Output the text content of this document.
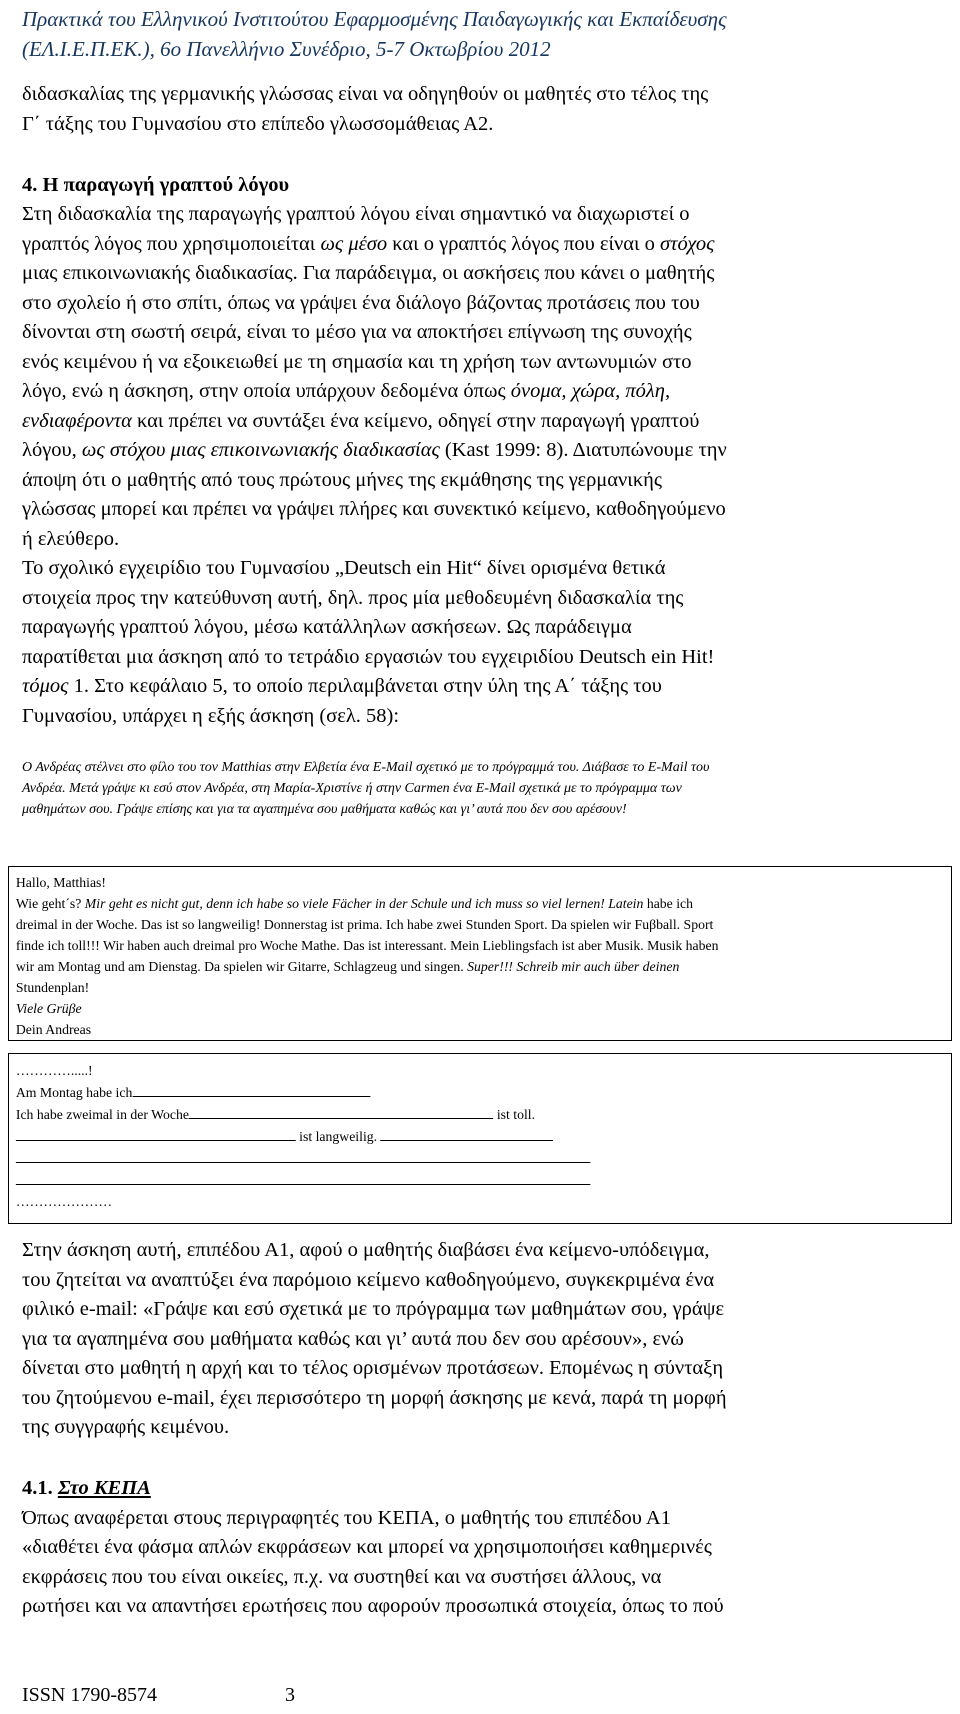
Πρακτικά του Ελληνικού Ινστιτούτου Εφαρμοσμένης Παιδαγωγικής και Εκπαίδευσης
(ΕΛ.Ι.Ε.Π.ΕΚ.), 6ο Πανελλήνιο Συνέδριο, 5-7 Οκτωβρίου 2012
διδασκαλίας της γερμανικής γλώσσας είναι να οδηγηθούν οι μαθητές στο τέλος της
Γ΄ τάξης του Γυμνασίου στο επίπεδο γλωσσομάθειας Α2.
4. Η παραγωγή γραπτού λόγου
Στη διδασκαλία της παραγωγής γραπτού λόγου είναι σημαντικό να διαχωριστεί ο
γραπτός λόγος που χρησιμοποιείται ως μέσο και ο γραπτός λόγος που είναι ο στόχος
μιας επικοινωνιακής διαδικασίας. Για παράδειγμα, οι ασκήσεις που κάνει ο μαθητής
στο σχολείο ή στο σπίτι, όπως να γράψει ένα διάλογο βάζοντας προτάσεις που του
δίνονται στη σωστή σειρά, είναι το μέσο για να αποκτήσει επίγνωση της συνοχής
ενός κειμένου ή να εξοικειωθεί με τη σημασία και τη χρήση των αντωνυμιών στο
λόγο, ενώ η άσκηση, στην οποία υπάρχουν δεδομένα όπως όνομα, χώρα, πόλη,
ενδιαφέροντα και πρέπει να συντάξει ένα κείμενο, οδηγεί στην παραγωγή γραπτού
λόγου, ως στόχου μιας επικοινωνιακής διαδικασίας (Kast 1999: 8). Διατυπώνουμε την
άποψη ότι ο μαθητής από τους πρώτους μήνες της εκμάθησης της γερμανικής
γλώσσας μπορεί και πρέπει να γράψει πλήρες και συνεκτικό κείμενο, καθοδηγούμενο
ή ελεύθερο.
Το σχολικό εγχειρίδιο του Γυμνασίου „Deutsch ein Hit“ δίνει ορισμένα θετικά
στοιχεία προς την κατεύθυνση αυτή, δηλ. προς μία μεθοδευμένη διδασκαλία της
παραγωγής γραπτού λόγου, μέσω κατάλληλων ασκήσεων. Ως παράδειγμα
παρατίθεται μια άσκηση από το τετράδιο εργασιών του εγχειριδίου Deutsch ein Hit!
τόμος 1. Στο κεφάλαιο 5, το οποίο περιλαμβάνεται στην ύλη της Α΄ τάξης του
Γυμνασίου, υπάρχει η εξής άσκηση (σελ. 58):
Ο Ανδρέας στέλνει στο φίλο του τον Matthias στην Ελβετία ένα E-Mail σχετικό με το πρόγραμμά του. Διάβασε το E-Mail του
Ανδρέα. Μετά γράψε κι εσύ στον Ανδρέα, στη Μαρία-Χριστίνε ή στην Carmen ένα E-Mail σχετικά με το πρόγραμμα των
μαθημάτων σου. Γράψε επίσης και για τα αγαπημένα σου μαθήματα καθώς και γι’ αυτά που δεν σου αρέσουν!
Hallo, Matthias!
Wie geht´s? Mir geht es nicht gut, denn ich habe so viele Fächer in der Schule und ich muss so viel lernen! Latein habe ich
dreimal in der Woche. Das ist so langweilig! Donnerstag ist prima. Ich habe zwei Stunden Sport. Da spielen wir Fuβball. Sport
finde ich toll!!! Wir haben auch dreimal pro Woche Mathe. Das ist interessant. Mein Lieblingsfach ist aber Musik. Musik haben
wir am Montag und am Dienstag. Da spielen wir Gitarre, Schlagzeug und singen. Super!!! Schreib mir auch über deinen
Stundenplan!
Viele Grüβe
Dein Andreas
………….....!
Am Montag habe ich
Ich habe zweimal in der Woche	ist toll.
ist langweilig.
…………………
Στην άσκηση αυτή, επιπέδου Α1, αφού ο μαθητής διαβάσει ένα κείμενο-υπόδειγμα,
του ζητείται να αναπτύξει ένα παρόμοιο κείμενο καθοδηγούμενο, συγκεκριμένα ένα
φιλικό e-mail: «Γράψε και εσύ σχετικά με το πρόγραμμα των μαθημάτων σου, γράψε
για τα αγαπημένα σου μαθήματα καθώς και γι’ αυτά που δεν σου αρέσουν», ενώ
δίνεται στο μαθητή η αρχή και το τέλος ορισμένων προτάσεων. Επομένως η σύνταξη
του ζητούμενου e-mail, έχει περισσότερο τη μορφή άσκησης με κενά, παρά τη μορφή
της συγγραφής κειμένου.
4.1. Στο ΚΕΠΑ
Όπως αναφέρεται στους περιγραφητές του ΚΕΠΑ, ο μαθητής του επιπέδου Α1
«διαθέτει ένα φάσμα απλών εκφράσεων και μπορεί να χρησιμοποιήσει καθημερινές
εκφράσεις που του είναι οικείες, π.χ. να συστηθεί και να συστήσει άλλους, να
ρωτήσει και να απαντήσει ερωτήσεις που αφορούν προσωπικά στοιχεία, όπως το πού
ISSN 1790-8574	3
